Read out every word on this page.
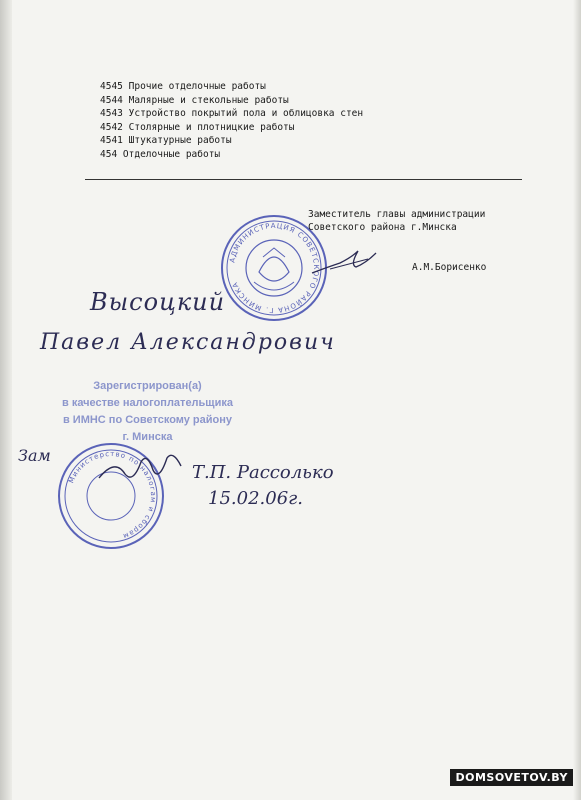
4545 Прочие отделочные работы
4544 Малярные и стекольные работы
4543 Устройство покрытий пола и облицовка стен
4542 Столярные и плотницкие работы
4541 Штукатурные работы
454 Отделочные работы
АДМИНИСТРАЦИЯ СОВЕТСКОГО РАЙОНА Г. МИНСКА
Заместитель главы администрации
Советского района г.Минска
А.М.Борисенко
Высоцкий
Павел Александрович
Зарегистрирован(а)
в качестве налогоплательщика
в ИМНС по Советскому району
г. Минска
Министерство по налогам и сборам
Зам
Т.П. Рассолько
15.02.06г.
DOMSOVETOV.BY
